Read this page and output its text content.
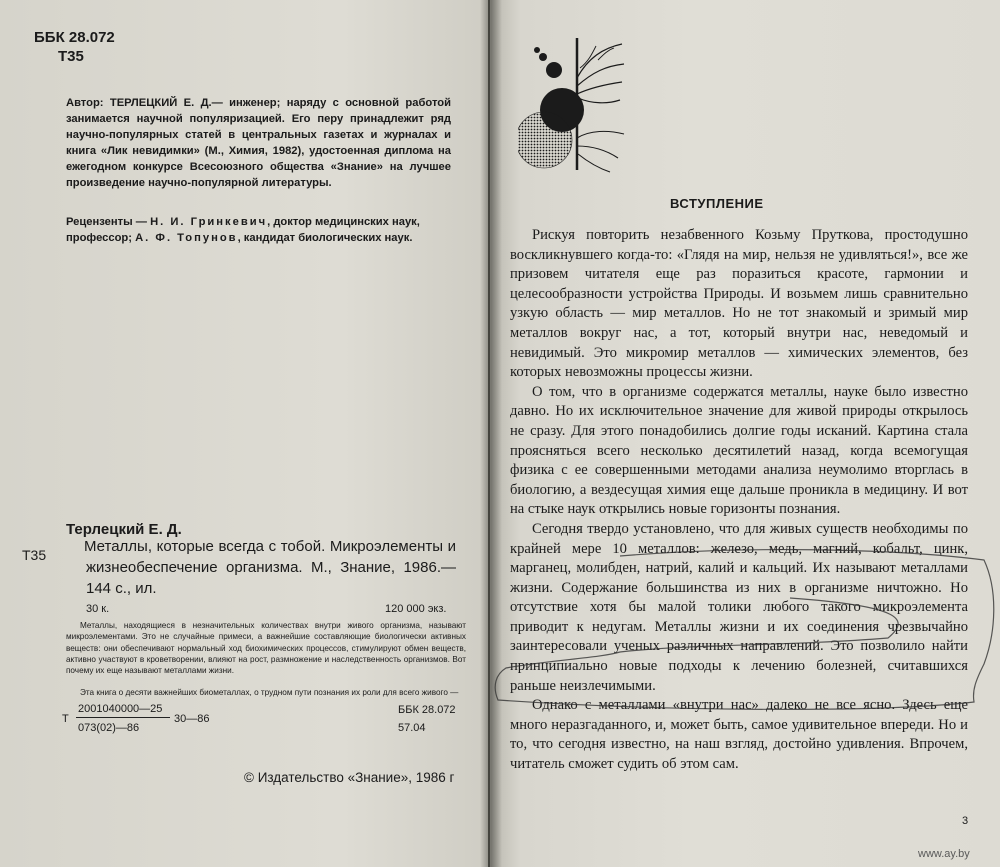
ББК 28.072
Т35
Автор: ТЕРЛЕЦКИЙ Е. Д.— инженер; наряду с основной работой занимается научной популяризацией. Его перу принадлежит ряд научно-популярных статей в центральных газетах и журналах и книга «Лик невидимки» (М., Химия, 1982), удостоенная диплома на ежегодном конкурсе Всесоюзного общества «Знание» на лучшее произведение научно-популярной литературы.
Рецензенты — Н. И. Гринкевич, доктор медицинских наук, профессор; А. Ф. Топунов, кандидат биологических наук.
Терлецкий Е. Д.
Т35	Металлы, которые всегда с тобой. Микроэлементы и жизнеобеспечение организма. М., Знание, 1986.— 144 с., ил.
30 к.	120 000 экз.
Металлы, находящиеся в незначительных количествах внутри живого организма, называют микроэлементами. Это не случайные примеси, а важнейшие составляющие биологически активных веществ: они обеспечивают нормальный ход биохимических процессов, стимулируют обмен веществ, активно участвуют в кроветворении, влияют на рост, размножение и наследственность организмов. Вот почему их еще называют металлами жизни.
Эта книга о десяти важнейших биометаллах, о трудном пути познания их роли для всего живого —
Т
2001040000—25
073(02)—86
30—86
ББК 28.072
57.04
© Издательство «Знание», 1986 г
ВСТУПЛЕНИЕ

Рискуя повторить незабвенного Козьму Пруткова, простодушно воскликнувшего когда-то: «Глядя на мир, нельзя не удивляться!», все же призовем читателя еще раз поразиться красоте, гармонии и целесообразности устройства Природы. И возьмем лишь сравнительно узкую область — мир металлов. Но не тот знакомый и зримый мир металлов вокруг нас, а тот, который внутри нас, неведомый и невидимый. Это микромир металлов — химических элементов, без которых невозможны процессы жизни.

О том, что в организме содержатся металлы, науке было известно давно. Но их исключительное значение для живой природы открылось не сразу. Для этого понадобились долгие годы исканий. Картина стала проясняться всего несколько десятилетий назад, когда всемогущая физика с ее совершенными методами анализа неумолимо вторглась в биологию, а вездесущая химия еще дальше проникла в медицину. И вот на стыке наук открылись новые горизонты познания.

Сегодня твердо установлено, что для живых существ необходимы по крайней мере 10 металлов: железо, медь, магний, кобальт, цинк, марганец, молибден, натрий, калий и кальций. Их называют металлами жизни. Содержание большинства из них в организме ничтожно. Но отсутствие хотя бы малой толики любого такого микроэлемента приводит к недугам. Металлы жизни и их соединения чрезвычайно заинтересовали ученых различных направлений. Это позволило найти принципиально новые подходы к лечению болезней, считавшихся раньше неизлечимыми.

Однако с металлами «внутри нас» далеко не все ясно. Здесь еще много неразгаданного, и, может быть, самое удивительное впереди. Но и то, что сегодня известно, на наш взгляд, достойно удивления. Впрочем, читатель сможет судить об этом сам.

3
www.ay.by
